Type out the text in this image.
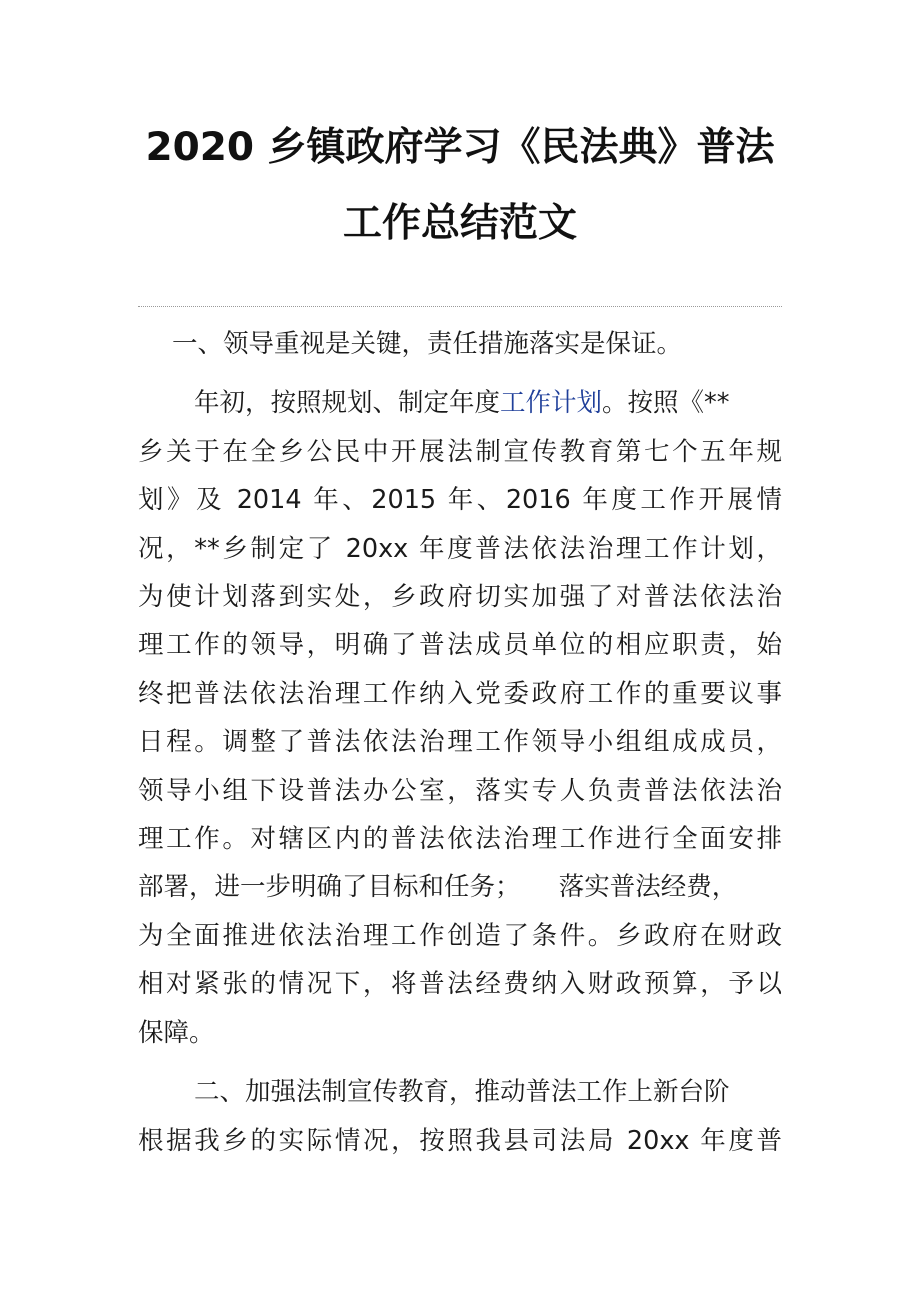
2020 乡镇政府学习《民法典》普法
工作总结范文

一、领导重视是关键，责任措施落实是保证。

年初，按照规划、制定年度工作计划。按照《**
乡关于在全乡公民中开展法制宣传教育第七个五年规
划》及 2014 年、2015 年、2016 年度工作开展情
况，**乡制定了 20xx 年度普法依法治理工作计划，
为使计划落到实处，乡政府切实加强了对普法依法治
理工作的领导，明确了普法成员单位的相应职责，始
终把普法依法治理工作纳入党委政府工作的重要议事
日程。调整了普法依法治理工作领导小组组成成员，
领导小组下设普法办公室，落实专人负责普法依法治
理工作。对辖区内的普法依法治理工作进行全面安排
部署，进一步明确了目标和任务；　　落实普法经费，
为全面推进依法治理工作创造了条件。乡政府在财政
相对紧张的情况下，将普法经费纳入财政预算，予以
保障。

二、加强法制宣传教育，推动普法工作上新台阶

根据我乡的实际情况，按照我县司法局 20xx 年度普
